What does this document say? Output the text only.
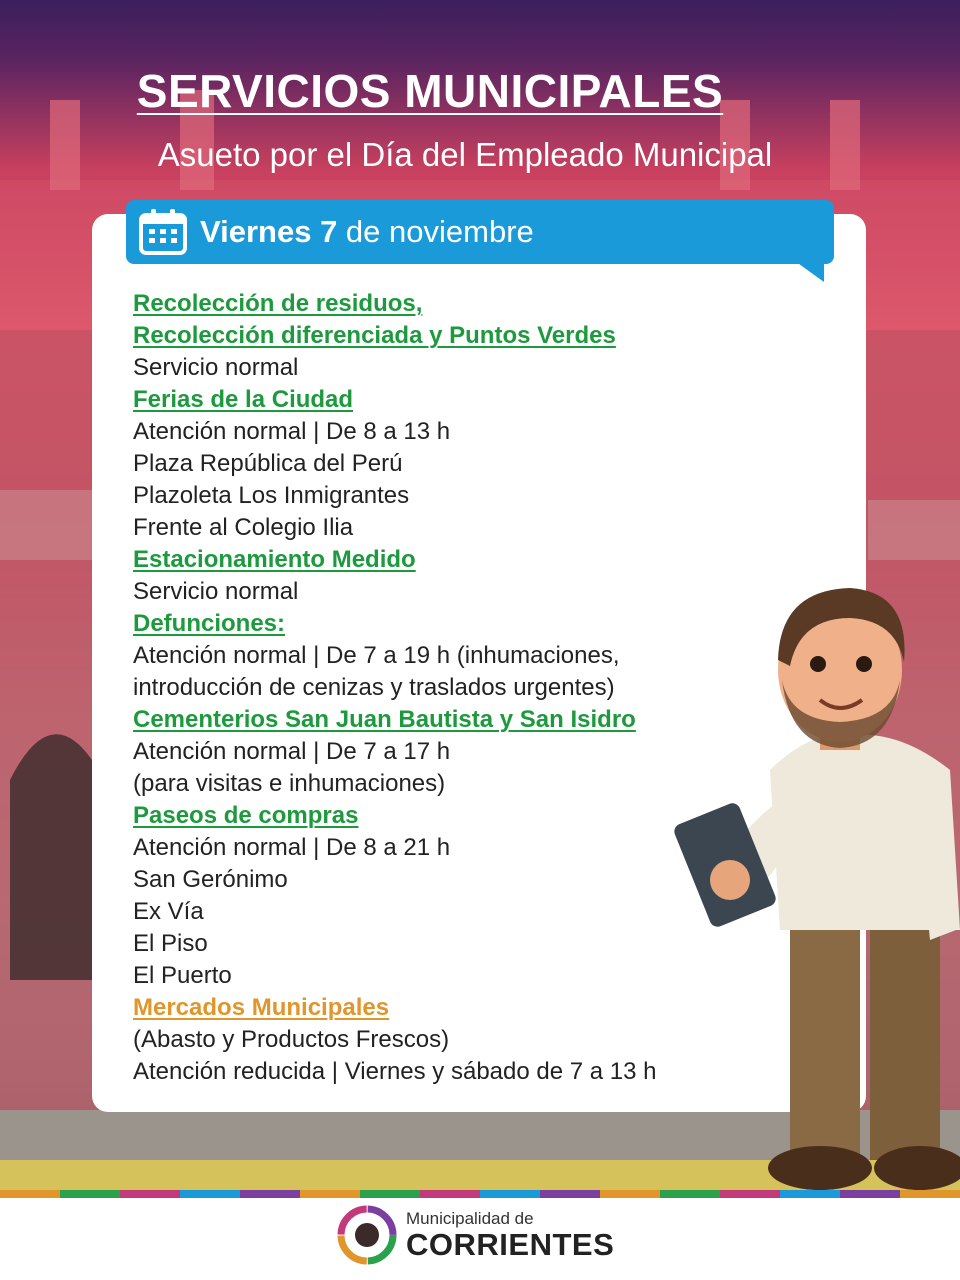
SERVICIOS MUNICIPALES
Asueto por el Día del Empleado Municipal
Viernes 7 de noviembre
Recolección de residuos,
Recolección diferenciada y Puntos Verdes
Servicio normal
Ferias de la Ciudad
Atención normal | De 8 a 13 h
Plaza República del Perú
Plazoleta Los Inmigrantes
Frente al Colegio Ilia
Estacionamiento Medido
Servicio normal
Defunciones:
Atención normal | De 7 a 19 h (inhumaciones,
introducción de cenizas y traslados urgentes)
Cementerios San Juan Bautista y San Isidro
Atención normal | De 7 a 17 h
(para visitas e inhumaciones)
Paseos de compras
Atención normal | De 8 a 21 h
San Gerónimo
Ex Vía
El Piso
El Puerto
Mercados Municipales
(Abasto y Productos Frescos)
Atención reducida | Viernes y sábado de 7 a 13 h
Municipalidad de
CORRIENTES
